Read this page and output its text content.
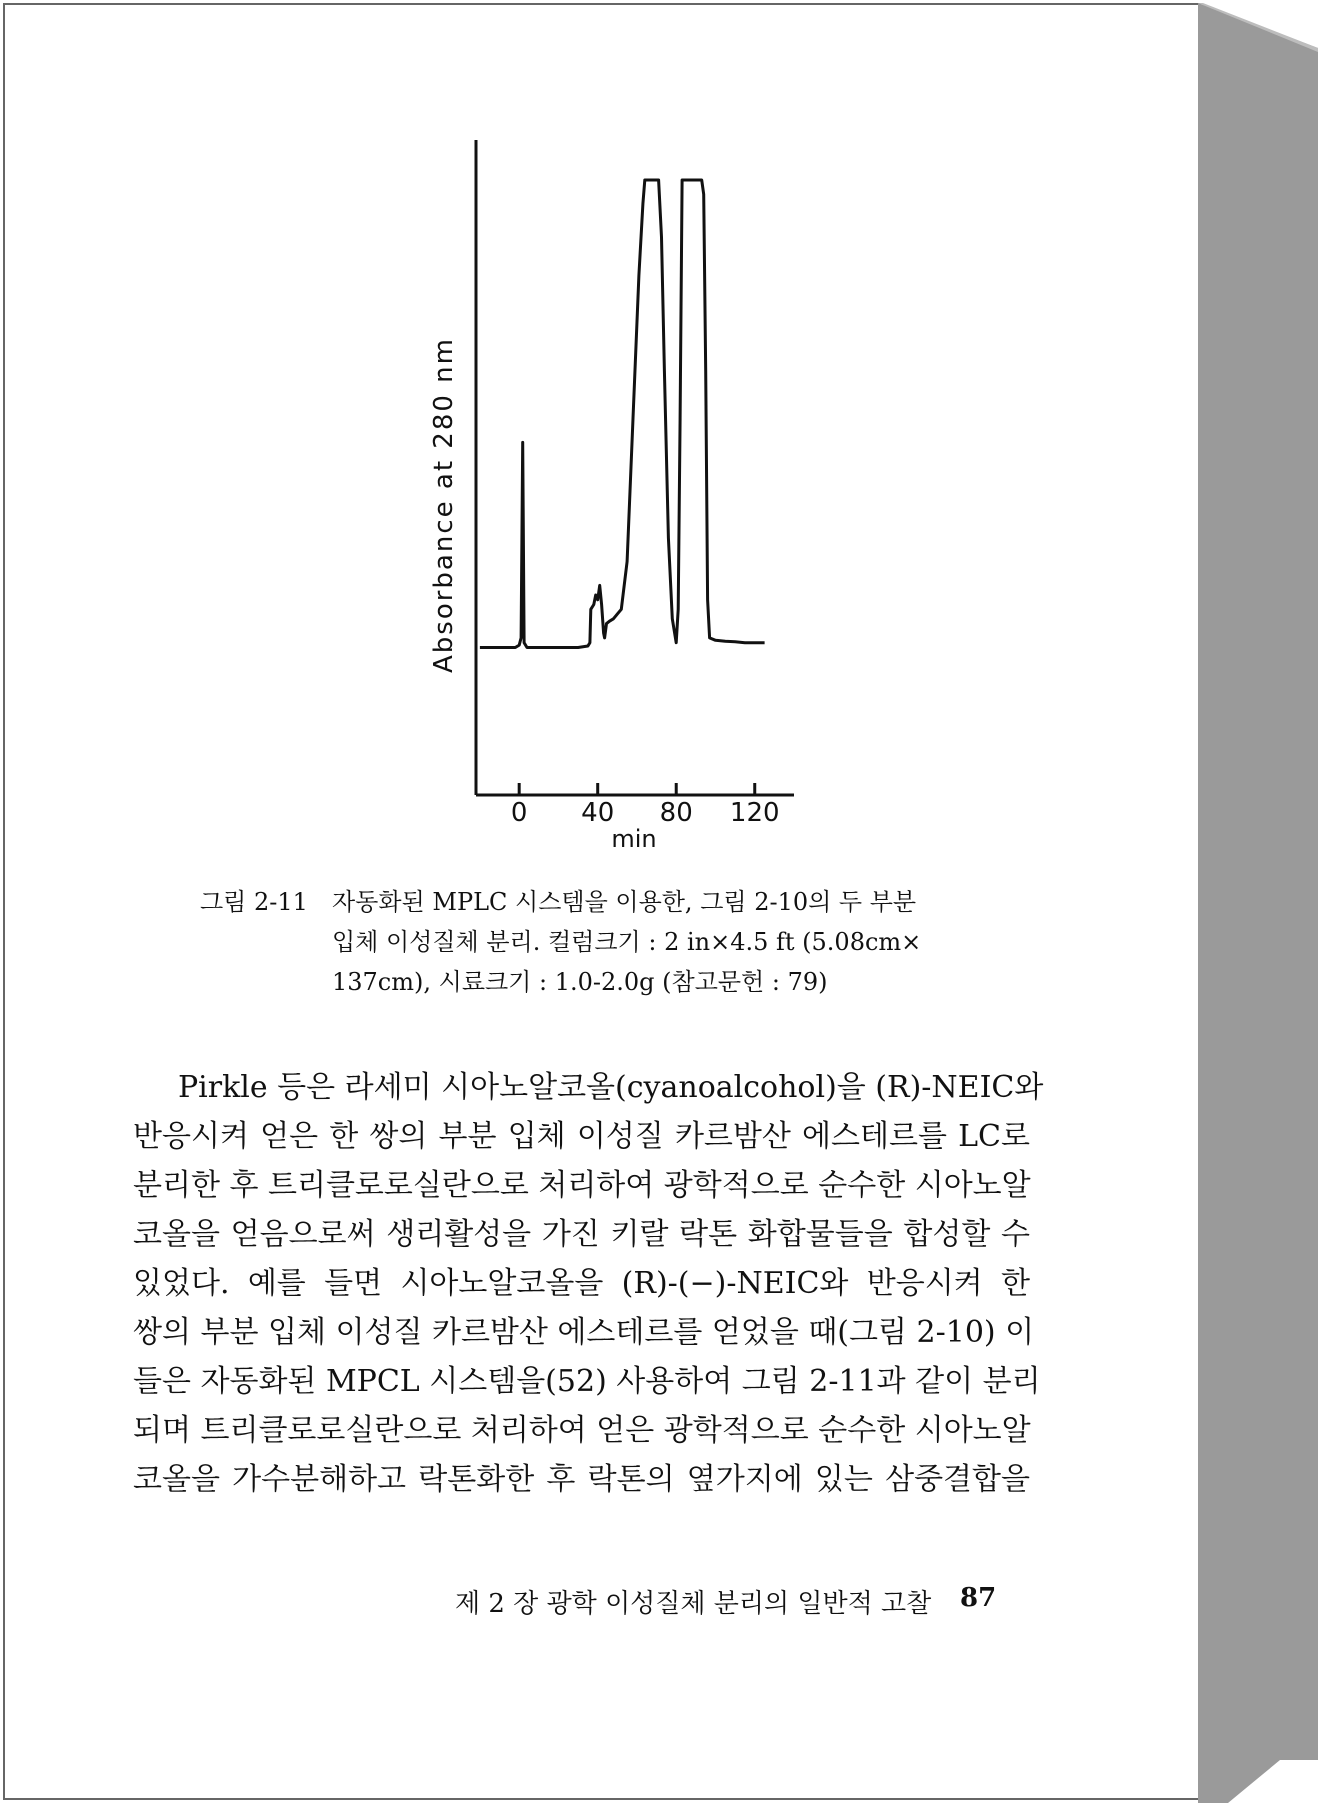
0 40 80 120
Absorbance at 280 nm
min
그림 2-11	자동화된 MPLC 시스템을 이용한, 그림 2-10의 두 부분
입체 이성질체 분리. 컬럼크기 : 2 in×4.5 ft (5.08cm×
137cm), 시료크기 : 1.0-2.0g (참고문헌 : 79)
Pirkle 등은 라세미 시아노알코올(cyanoalcohol)을 (R)-NEIC와
반응시켜 얻은 한 쌍의 부분 입체 이성질 카르밤산 에스테르를 LC로
분리한 후 트리클로로실란으로 처리하여 광학적으로 순수한 시아노알
코올을 얻음으로써 생리활성을 가진 키랄 락톤 화합물들을 합성할 수
있었다. 예를 들면 시아노알코올을 (R)-(−)-NEIC와 반응시켜 한
쌍의 부분 입체 이성질 카르밤산 에스테르를 얻었을 때(그림 2-10) 이
들은 자동화된 MPCL 시스템을(52) 사용하여 그림 2-11과 같이 분리
되며 트리클로로실란으로 처리하여 얻은 광학적으로 순수한 시아노알
코올을 가수분해하고 락톤화한 후 락톤의 옆가지에 있는 삼중결합을
제 2 장 광학 이성질체 분리의 일반적 고찰 87
